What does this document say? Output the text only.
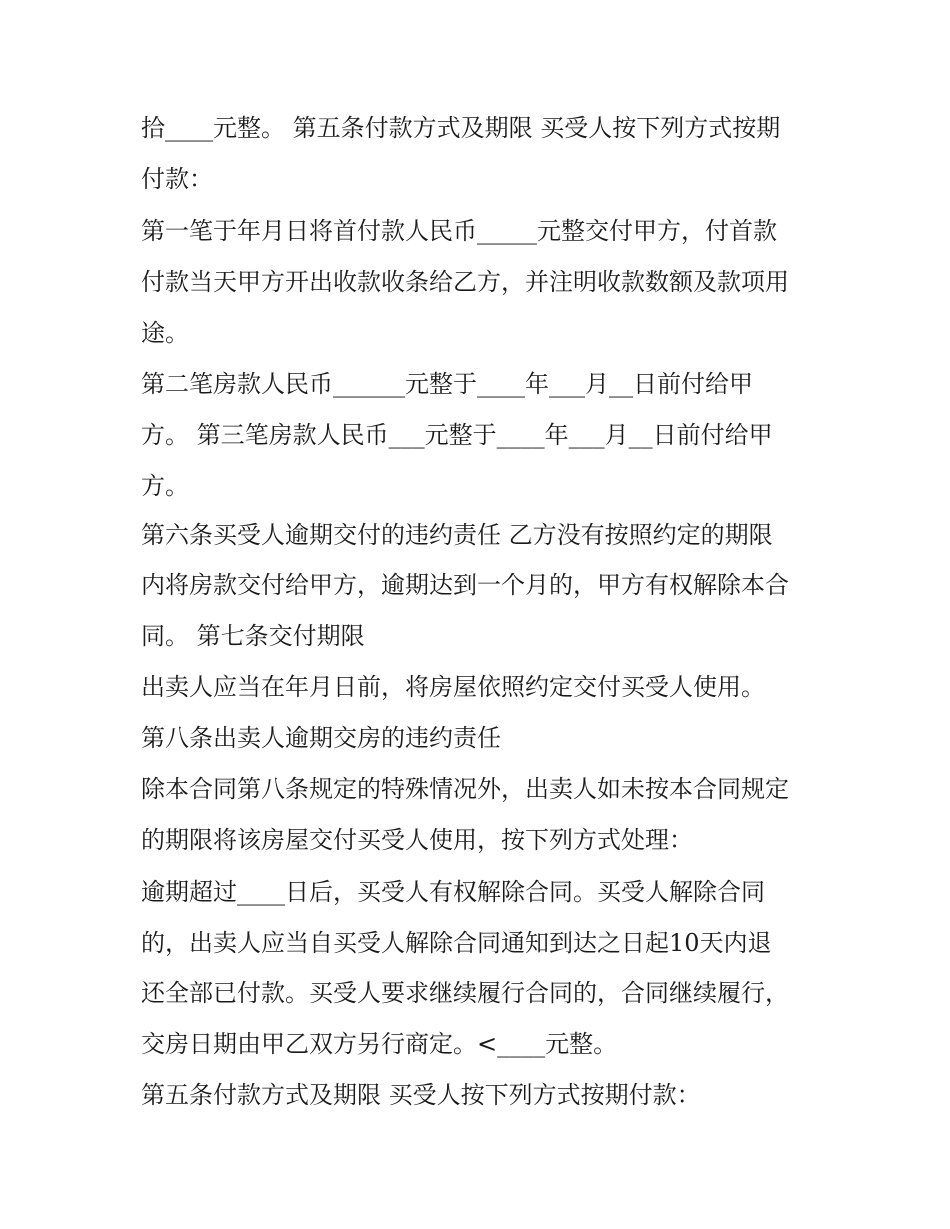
拾____元整。 第五条付款方式及期限 买受人按下列方式按期
付款：
第一笔于年月日将首付款人民币_____元整交付甲方，付首款
付款当天甲方开出收款收条给乙方，并注明收款数额及款项用
途。
第二笔房款人民币______元整于____年___月__日前付给甲
方。 第三笔房款人民币___元整于____年___月__日前付给甲
方。
第六条买受人逾期交付的违约责任 乙方没有按照约定的期限
内将房款交付给甲方，逾期达到一个月的，甲方有权解除本合
同。 第七条交付期限
出卖人应当在年月日前，将房屋依照约定交付买受人使用。
第八条出卖人逾期交房的违约责任
除本合同第八条规定的特殊情况外，出卖人如未按本合同规定
的期限将该房屋交付买受人使用，按下列方式处理：
逾期超过____日后，买受人有权解除合同。买受人解除合同
的，出卖人应当自买受人解除合同通知到达之日起10天内退
还全部已付款。买受人要求继续履行合同的，合同继续履行，
交房日期由甲乙双方另行商定。<____元整。
第五条付款方式及期限 买受人按下列方式按期付款：
